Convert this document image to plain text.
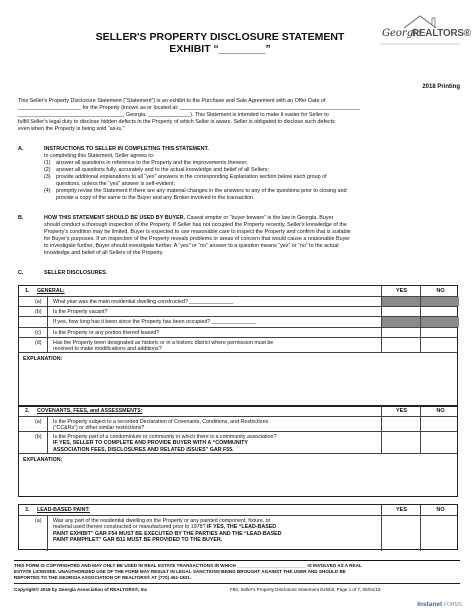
SELLER'S PROPERTY DISCLOSURE STATEMENT
EXHIBIT “________”
Georgia
REALTORS®
2018 Printing
This Seller's Property Disclosure Statement (“Statement”) is an exhibit to the Purchase and Sale Agreement with an Offer Date of
_____________________ for the Property (known as or located at: ____________________________________________________________
___________________________________, Georgia, ______________). This Statement is intended to make it easier for Seller to
fulfill Seller's legal duty to disclose hidden defects in the Property of which Seller is aware. Seller is obligated to disclose such defects
even when the Property is being sold “as-is.”
A.	INSTRUCTIONS TO SELLER IN COMPLETING THIS STATEMENT.
In completing this Statement, Seller agrees to:
(1) answer all questions in reference to the Property and the improvements thereon;
(2) answer all questions fully, accurately and to the actual knowledge and belief of all Sellers;
(3) provide additional explanations to all “yes” answers in the corresponding Explanation section below each group of
questions, unless the “yes” answer is self-evident;
(4) promptly revise the Statement if there are any material changes in the answers to any of the questions prior to closing and
provide a copy of the same to the Buyer and any Broker involved in the transaction.
B.	HOW THIS STATEMENT SHOULD BE USED BY BUYER. Caveat emptor or “buyer beware” is the law in Georgia. Buyer
should conduct a thorough inspection of the Property. If Seller has not occupied the Property recently, Seller's knowledge of the
Property's condition may be limited. Buyer is expected to use reasonable care to inspect the Property and confirm that is suitable
for Buyer's purposes. If an inspection of the Property reveals problems or areas of concern that would cause a reasonable Buyer
to investigate further, Buyer should investigate further. A “yes” or “no” answer to a question means “yes” or “no” to the actual
knowledge and belief of all Sellers of the Property.
C.	SELLER DISCLOSURES.
1. GENERAL:	YES	NO
(a) What year was the main residential dwelling constructed? _______________
(b) Is the Property vacant?
If yes, how long has it been since the Property has been occupied? _______________
(c) Is the Property or any portion thereof leased?
(d) Has the Property been designated as historic or in a historic district where permission must be
received to make modifications and additions?
EXPLANATION:
2. COVENANTS, FEES, and ASSESSMENTS:	YES	NO
(a) Is the Property subject to a recorded Declaration of Covenants, Conditions, and Restrictions
(“CC&Rs”) or other similar restrictions?
(b) Is the Property part of a condominium or community in which there is a community association?
IF YES, SELLER TO COMPLETE AND PROVIDE BUYER WITH A “COMMUNITY
ASSOCIATION FEES, DISCLOSURES AND RELATED ISSUES” GAR F55.
EXPLANATION:
3. LEAD-BASED PAINT:	YES	NO
(a) Was any part of the residential dwelling on the Property or any painted component, fixture, or
material used therein constructed or manufactured prior to 1978? IF YES, THE “LEAD-BASED
PAINT EXHIBIT” GAR F54 MUST BE EXECUTED BY THE PARTIES AND THE “LEAD-BASED
PAINT PAMPHLET” GAR B11 MUST BE PROVIDED TO THE BUYER.
THIS FORM IS COPYRIGHTED AND MAY ONLY BE USED IN REAL ESTATE TRANSACTIONS IN WHICH ___________________________ IS INVOLVED AS A REAL
ESTATE LICENSEE. UNAUTHORIZED USE OF THE FORM MAY RESULT IN LEGAL SANCTIONS BEING BROUGHT AGAINST THE USER AND SHOULD BE
REPORTED TO THE GEORGIA ASSOCIATION OF REALTORS® AT (770) 451-1831.
Copyright© 2018 by Georgia Association of REALTORS®, Inc	F50, Seller's Property Disclosure Statement Exhibit, Page 1 of 7, 05/01/18
Instanet FORMS
